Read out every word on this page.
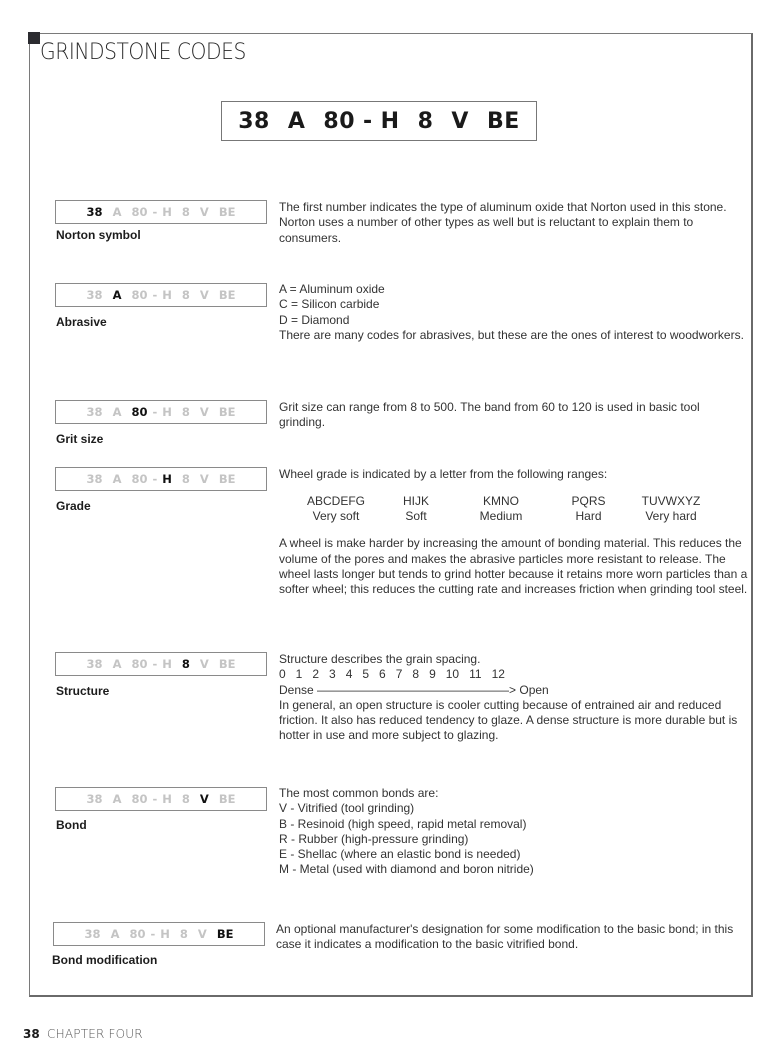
GRINDSTONE CODES
38 A 80 - H 8 V BE
38 A 80 - H 8 V BE
Norton symbol

The first number indicates the type of aluminum oxide that Norton used in this stone. Norton uses a number of other types as well but is reluctant to explain them to consumers.

38 A 80 - H 8 V BE
Abrasive

A = Aluminum oxide

C = Silicon carbide

D = Diamond

There are many codes for abrasives, but these are the ones of interest to woodworkers.

38 A 80 - H 8 V BE
Grit size

Grit size can range from 8 to 500. The band from 60 to 120 is used in basic tool grinding.

38 A 80 - H 8 V BE
Grade

Wheel grade is indicated by a letter from the following ranges:

ABCDEFG	HIJK	KMNO	PQRS	TUVWXYZ
Very soft	Soft	Medium	Hard	Very hard

A wheel is make harder by increasing the amount of bonding material. This reduces the volume of the pores and makes the abrasive particles more resistant to release. The wheel lasts longer but tends to grind hotter because it retains more worn particles than a softer wheel; this reduces the cutting rate and increases friction when grinding tool steel.

38 A 80 - H 8 V BE
Structure

Structure describes the grain spacing.

0   1   2   3   4   5   6   7   8   9   10   11   12

Dense ————————————————> Open

In general, an open structure is cooler cutting because of entrained air and reduced friction. It also has reduced tendency to glaze. A dense structure is more durable but is hotter in use and more subject to glazing.

38 A 80 - H 8 V BE
Bond

The most common bonds are:

V - Vitrified (tool grinding)

B - Resinoid (high speed, rapid metal removal)

R - Rubber (high-pressure grinding)

E - Shellac (where an elastic bond is needed)

M - Metal (used with diamond and boron nitride)

38 A 80 - H 8 V BE
Bond modification

An optional manufacturer's designation for some modification to the basic bond; in this case it indicates a modification to the basic vitrified bond.

38 CHAPTER FOUR
